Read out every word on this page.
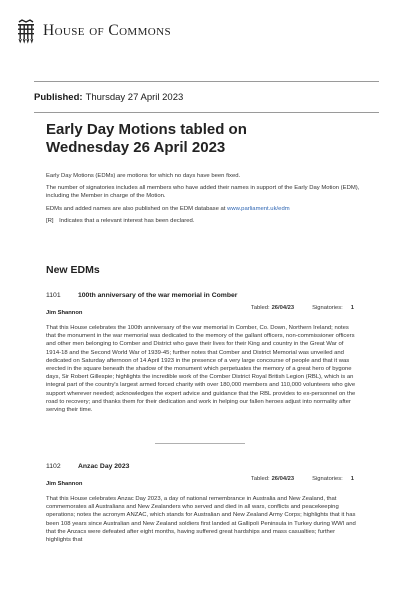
House of Commons
Published: Thursday 27 April 2023
Early Day Motions tabled on
Wednesday 26 April 2023

Early Day Motions (EDMs) are motions for which no days have been fixed.

The number of signatories includes all members who have added their names in support of the Early Day Motion (EDM), including the Member in charge of the Motion.

EDMs and added names are also published on the EDM database at www.parliament.uk/edm

[R] Indicates that a relevant interest has been declared.

New EDMs
1101	100th anniversary of the war memorial in Comber
Tabled: 26/04/23	Signatories: 1
Jim Shannon
That this House celebrates the 100th anniversary of the war memorial in Comber, Co. Down, Northern Ireland; notes that the monument in the war memorial was dedicated to the memory of the gallant officers, non-commissioner officers and other men belonging to Comber and District who gave their lives for their King and country in the Great War of 1914-18 and the Second World War of 1939-45; further notes that Comber and District Memorial was unveiled and dedicated on Saturday afternoon of 14 April 1923 in the presence of a very large concourse of people and that it was erected in the square beneath the shadow of the monument which perpetuates the memory of a great hero of bygone days, Sir Robert Gillespie; highlights the incredible work of the Comber District Royal British Legion (RBL), which is an integral part of the country's largest armed forced charity with over 180,000 members and 110,000 volunteers who give support wherever needed; acknowledges the expert advice and guidance that the RBL provides to ex-personnel on the road to recovery; and thanks them for their dedication and work in helping our fallen heroes adjust into normality after serving their time.
1102	Anzac Day 2023
Tabled: 26/04/23	Signatories: 1
Jim Shannon
That this House celebrates Anzac Day 2023, a day of national remembrance in Australia and New Zealand, that commemorates all Australians and New Zealanders who served and died in all wars, conflicts and peacekeeping operations; notes the acronym ANZAC, which stands for Australian and New Zealand Army Corps; highlights that it has been 108 years since Australian and New Zealand soldiers first landed at Gallipoli Peninsula in Turkey during WWI and that the Anzacs were defeated after eight months, having suffered great hardships and mass casualties; further highlights that
